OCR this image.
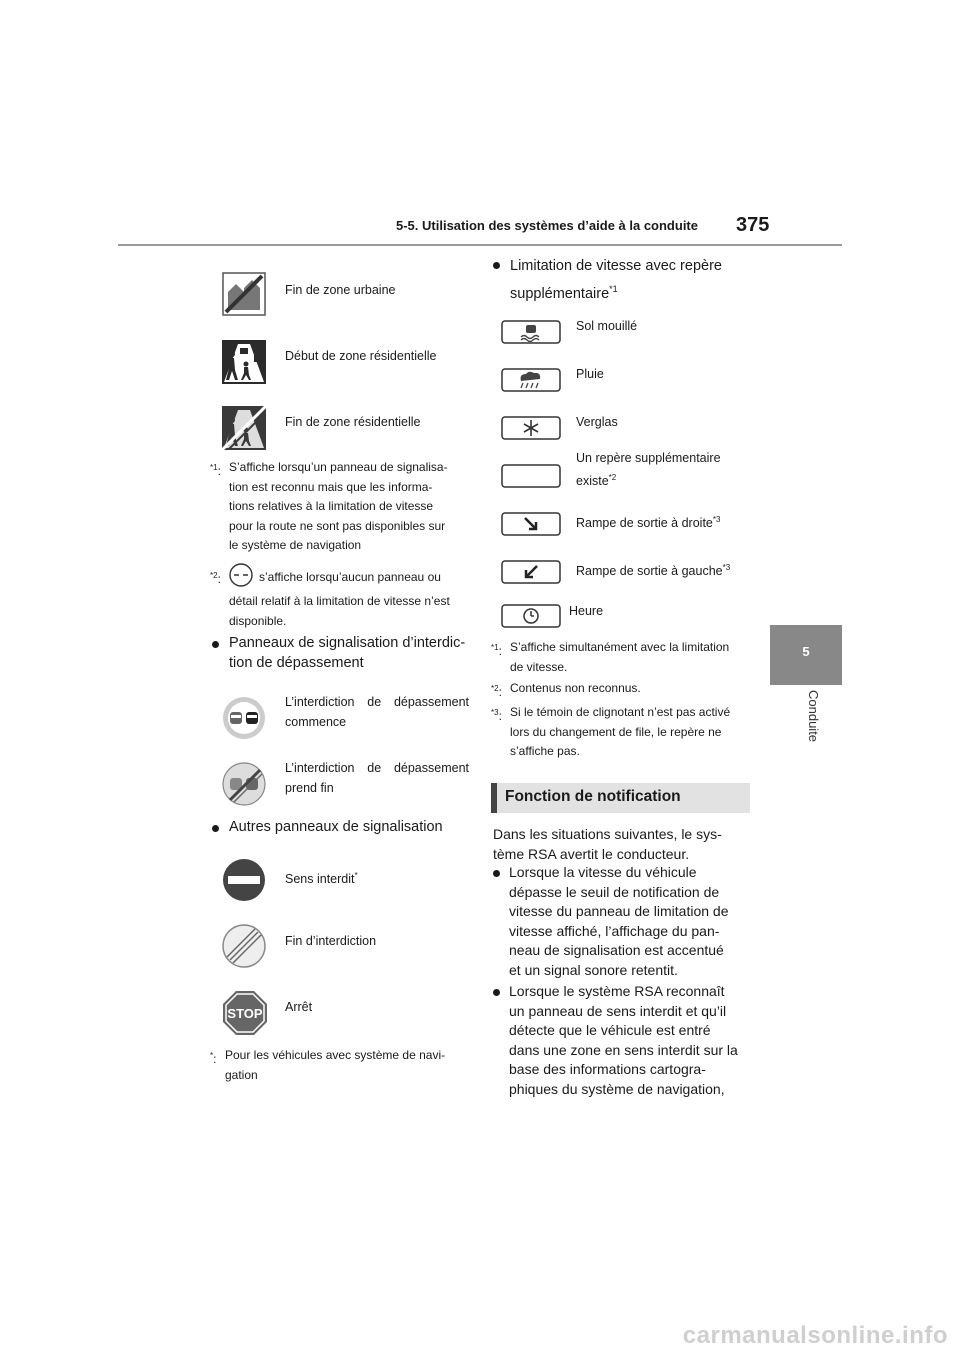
5-5. Utilisation des systèmes d’aide à la conduite 375
5
Conduite
Fin de zone urbaine
Début de zone résidentielle
Fin de zone résidentielle
$^{*1}$: S’affiche lorsqu’un panneau de signalisa-
tion est reconnu mais que les informa-
tions relatives à la limitation de vitesse
pour la route ne sont pas disponibles sur
le système de navigation
$^{*2}$:	s’affiche lorsqu’aucun panneau ou
détail relatif à la limitation de vitesse n’est
disponible.
Panneaux de signalisation d’interdic-
tion de dépassement
L’interdiction de dépassement
commence
L’interdiction de dépassement
prend fin
Autres panneaux de signalisation
Sens interdit*
Fin d’interdiction
STOP Arrêt
*: Pour les véhicules avec système de navi-
gation
Limitation de vitesse avec repère
supplémentaire$^{*1}$
Sol mouillé
Pluie
Verglas
Un repère supplémentaire
existe$^{*2}$
Rampe de sortie à droite$^{*3}$
Rampe de sortie à gauche$^{*3}$
Heure
$^{*1}$: S’affiche simultanément avec la limitation
de vitesse.
$^{*2}$: Contenus non reconnus.
$^{*3}$: Si le témoin de clignotant n’est pas activé
lors du changement de file, le repère ne
s’affiche pas.
Fonction de notification
Dans les situations suivantes, le sys-
tème RSA avertit le conducteur.
Lorsque la vitesse du véhicule
dépasse le seuil de notification de
vitesse du panneau de limitation de
vitesse affiché, l’affichage du pan-
neau de signalisation est accentué
et un signal sonore retentit.
Lorsque le système RSA reconnaît
un panneau de sens interdit et qu’il
détecte que le véhicule est entré
dans une zone en sens interdit sur la
base des informations cartogra-
phiques du système de navigation,
carmanualsonline.info
